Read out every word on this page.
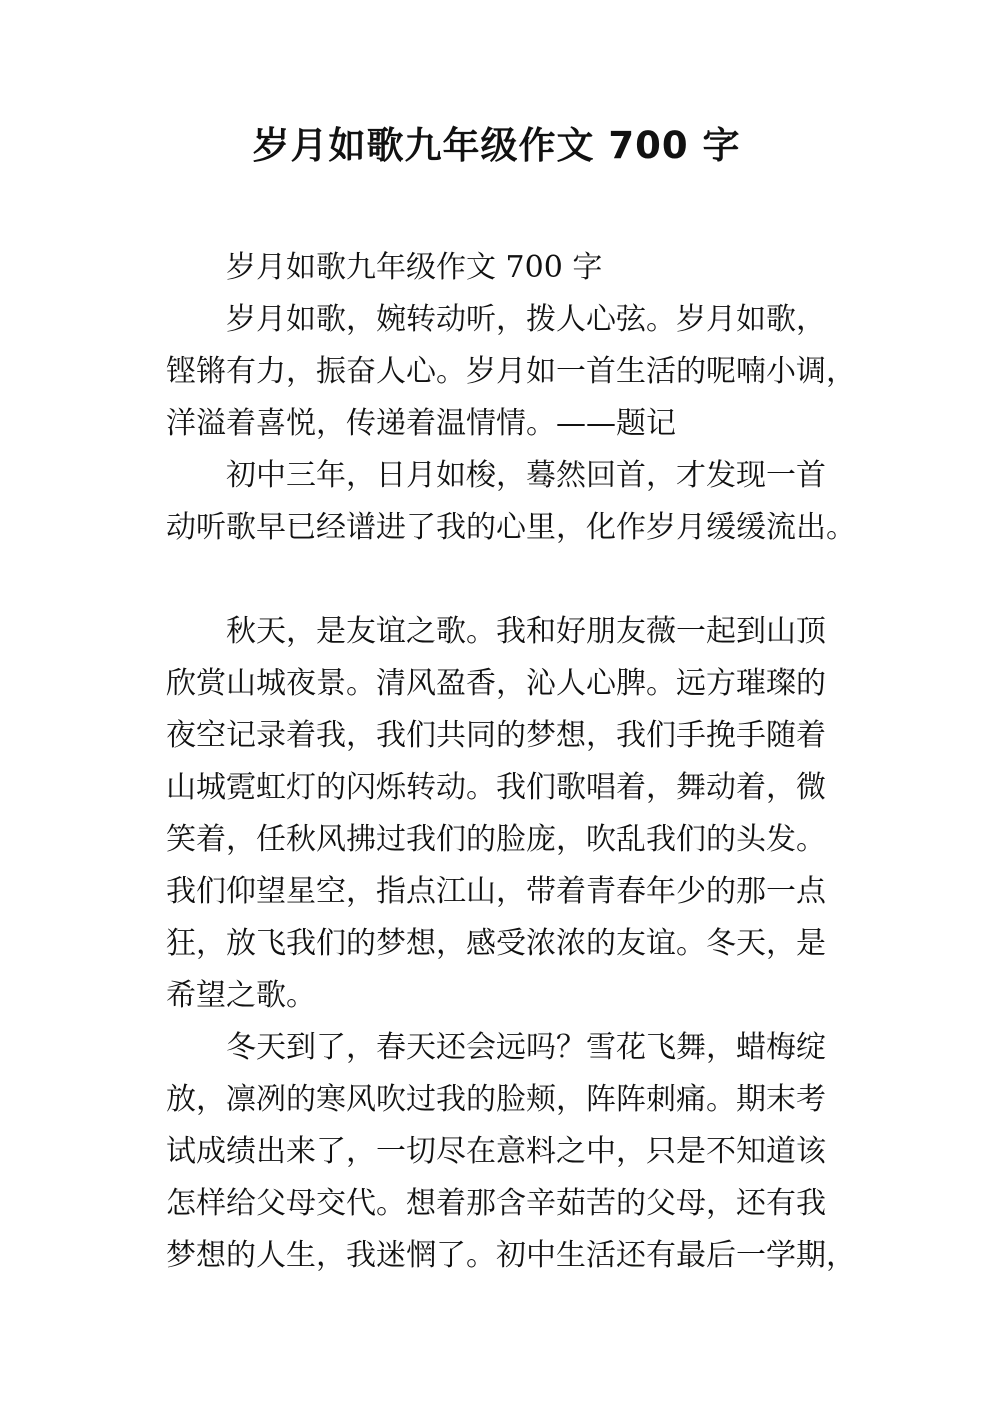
岁月如歌九年级作文 700 字

岁月如歌九年级作文 700 字

岁月如歌，婉转动听，拨人心弦。岁月如歌，
铿锵有力，振奋人心。岁月如一首生活的呢喃小调，
洋溢着喜悦，传递着温情情。——题记

初中三年，日月如梭，蓦然回首，才发现一首
动听歌早已经谱进了我的心里，化作岁月缓缓流出。

秋天，是友谊之歌。我和好朋友薇一起到山顶
欣赏山城夜景。清风盈香，沁人心脾。远方璀璨的
夜空记录着我，我们共同的梦想，我们手挽手随着
山城霓虹灯的闪烁转动。我们歌唱着，舞动着，微
笑着，任秋风拂过我们的脸庞，吹乱我们的头发。
我们仰望星空，指点江山，带着青春年少的那一点
狂，放飞我们的梦想，感受浓浓的友谊。冬天，是
希望之歌。

冬天到了，春天还会远吗？雪花飞舞，蜡梅绽
放，凛冽的寒风吹过我的脸颊，阵阵刺痛。期末考
试成绩出来了，一切尽在意料之中，只是不知道该
怎样给父母交代。想着那含辛茹苦的父母，还有我
梦想的人生，我迷惘了。初中生活还有最后一学期，
